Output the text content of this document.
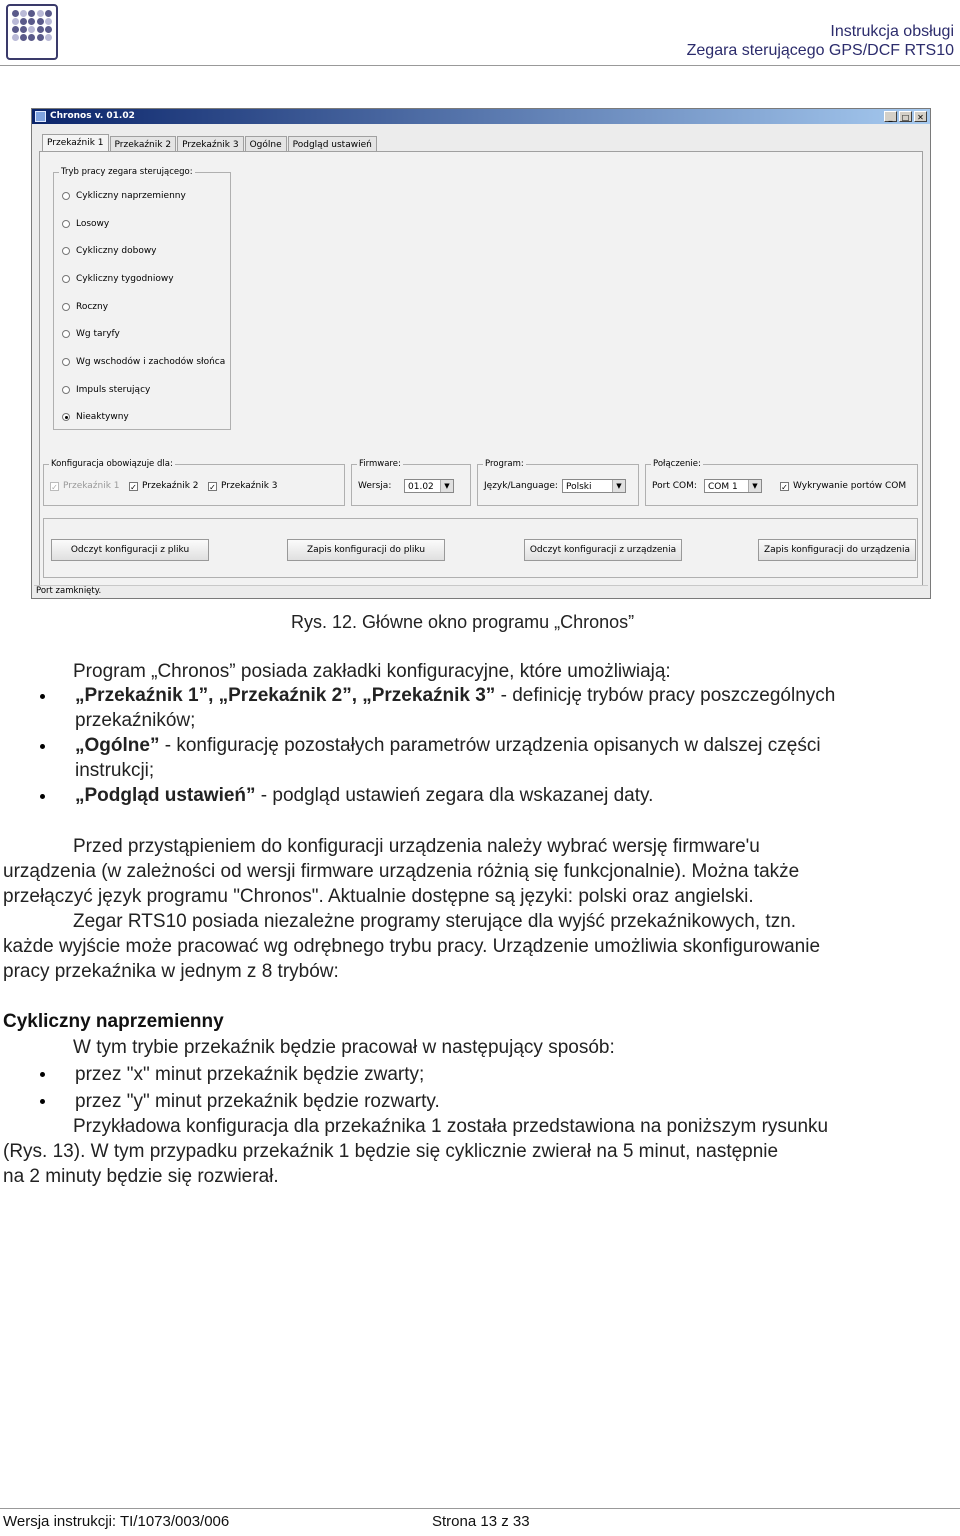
Instrukcja obsługi
Zegara sterującego GPS/DCF RTS10
Chronos v. 01.02	_	□ ✕
Przekaźnik 1	Przekaźnik 2	Przekaźnik 3	Ogólne	Podgląd ustawień
Tryb pracy zegara sterującego:
Cykliczny naprzemienny
Losowy
Cykliczny dobowy
Cykliczny tygodniowy
Roczny
Wg taryfy
Wg wschodów i zachodów słońca
Impuls sterujący
Nieaktywny
Konfiguracja obowiązuje dla:
✓ Przekaźnik 1 ✓ Przekaźnik 2 ✓ Przekaźnik 3
Firmware:
Wersja:	01.02	▼
Program:
Język/Language: Polski	▼
Połączenie:
Port COM:	COM 1	▼	✓ Wykrywanie portów COM
Odczyt konfiguracji z pliku	Zapis konfiguracji do pliku	Odczyt konfiguracji z urządzenia	Zapis konfiguracji do urządzenia
Port zamknięty.
Rys. 12. Główne okno programu „Chronos”
Program „Chronos” posiada zakładki konfiguracyjne, które umożliwiają:
„Przekaźnik 1”, „Przekaźnik 2”, „Przekaźnik 3” - definicję trybów pracy poszczególnych
przekaźników;
„Ogólne” - konfigurację pozostałych parametrów urządzenia opisanych w dalszej części
instrukcji;
„Podgląd ustawień” - podgląd ustawień zegara dla wskazanej daty.
Przed przystąpieniem do konfiguracji urządzenia należy wybrać wersję firmware'u
urządzenia (w zależności od wersji firmware urządzenia różnią się funkcjonalnie). Można także
przełączyć język programu "Chronos". Aktualnie dostępne są języki: polski oraz angielski.
Zegar RTS10 posiada niezależne programy sterujące dla wyjść przekaźnikowych, tzn.
każde wyjście może pracować wg odrębnego trybu pracy. Urządzenie umożliwia skonfigurowanie
pracy przekaźnika w jednym z 8 trybów:
Cykliczny naprzemienny
W tym trybie przekaźnik będzie pracował w następujący sposób:
przez "x" minut przekaźnik będzie zwarty;
przez "y" minut przekaźnik będzie rozwarty.
Przykładowa konfiguracja dla przekaźnika 1 została przedstawiona na poniższym rysunku
(Rys. 13). W tym przypadku przekaźnik 1 będzie się cyklicznie zwierał na 5 minut, następnie
na 2 minuty będzie się rozwierał.
Wersja instrukcji: TI/1073/003/006	Strona 13 z 33
